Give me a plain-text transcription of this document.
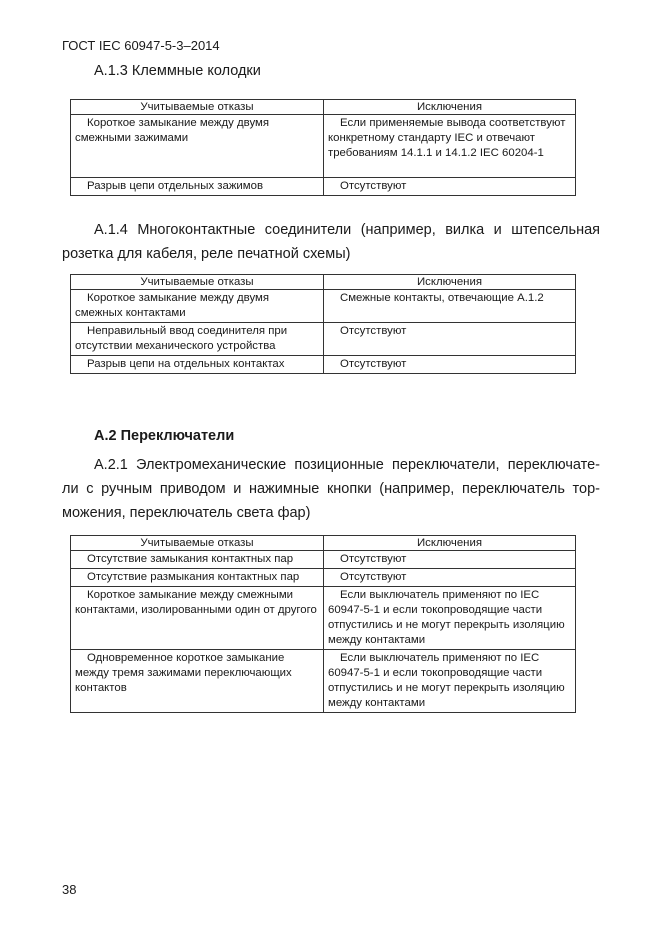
ГОСТ IEC 60947-5-3–2014
А.1.3 Клеммные колодки
Учитываемые отказы	Исключения

Короткое замыкание между двумя смежными зажимами	Если применяемые вывода соответствуют конкретному стандарту IEC и отвечают требованиям 14.1.1 и 14.1.2 IEC 60204-1

Разрыв цепи отдельных зажимов	Отсутствуют
А.1.4 Многоконтактные соединители (например, вилка и штепсельная
розетка для кабеля, реле печатной схемы)
Учитываемые отказы	Исключения

Короткое замыкание между двумя смежных контактами	Смежные контакты, отвечающие А.1.2

Неправильный ввод соединителя при отсутствии механического устройства	Отсутствуют

Разрыв цепи на отдельных контактах	Отсутствуют
А.2 Переключатели
А.2.1 Электромеханические позиционные переключатели, переключате-
ли с ручным приводом и нажимные кнопки (например, переключатель тор-
можения, переключатель света фар)
Учитываемые отказы	Исключения

Отсутствие замыкания контактных пар	Отсутствуют

Отсутствие размыкания контактных пар	Отсутствуют

Короткое замыкание между смежными контактами, изолированными один от другого	Если выключатель применяют по IEC 60947-5-1 и если токопроводящие части отпустились и не могут перекрыть изоляцию между контактами

Одновременное короткое замыкание между тремя зажимами переключающих контактов	Если выключатель применяют по IEC 60947-5-1 и если токопроводящие части отпустились и не могут перекрыть изоляцию между контактами
38
